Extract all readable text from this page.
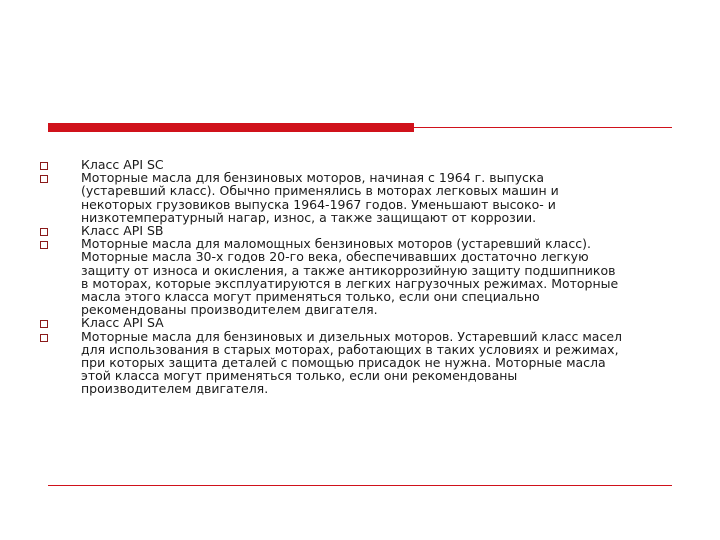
Класс API SC
Моторные масла для бензиновых моторов, начиная с 1964 г. выпуска
(устаревший класс). Обычно применялись в моторах легковых машин и
некоторых грузовиков выпуска 1964-1967 годов. Уменьшают высоко- и
низкотемпературный нагар, износ, а также защищают от коррозии.
Класс API SB
Моторные масла для маломощных бензиновых моторов (устаревший класс).
Моторные масла 30-х годов 20-го века, обеспечивавших достаточно легкую
защиту от износа и окисления, а также антикоррозийную защиту подшипников
в моторах, которые эксплуатируются в легких нагрузочных режимах. Моторные
масла этого класса могут применяться только, если они специально
рекомендованы производителем двигателя.
Класс API SA
Моторные масла для бензиновых и дизельных моторов. Устаревший класс масел
для использования в старых моторах, работающих в таких условиях и режимах,
при которых защита деталей с помощью присадок не нужна. Моторные масла
этой класса могут применяться только, если они рекомендованы
производителем двигателя.
